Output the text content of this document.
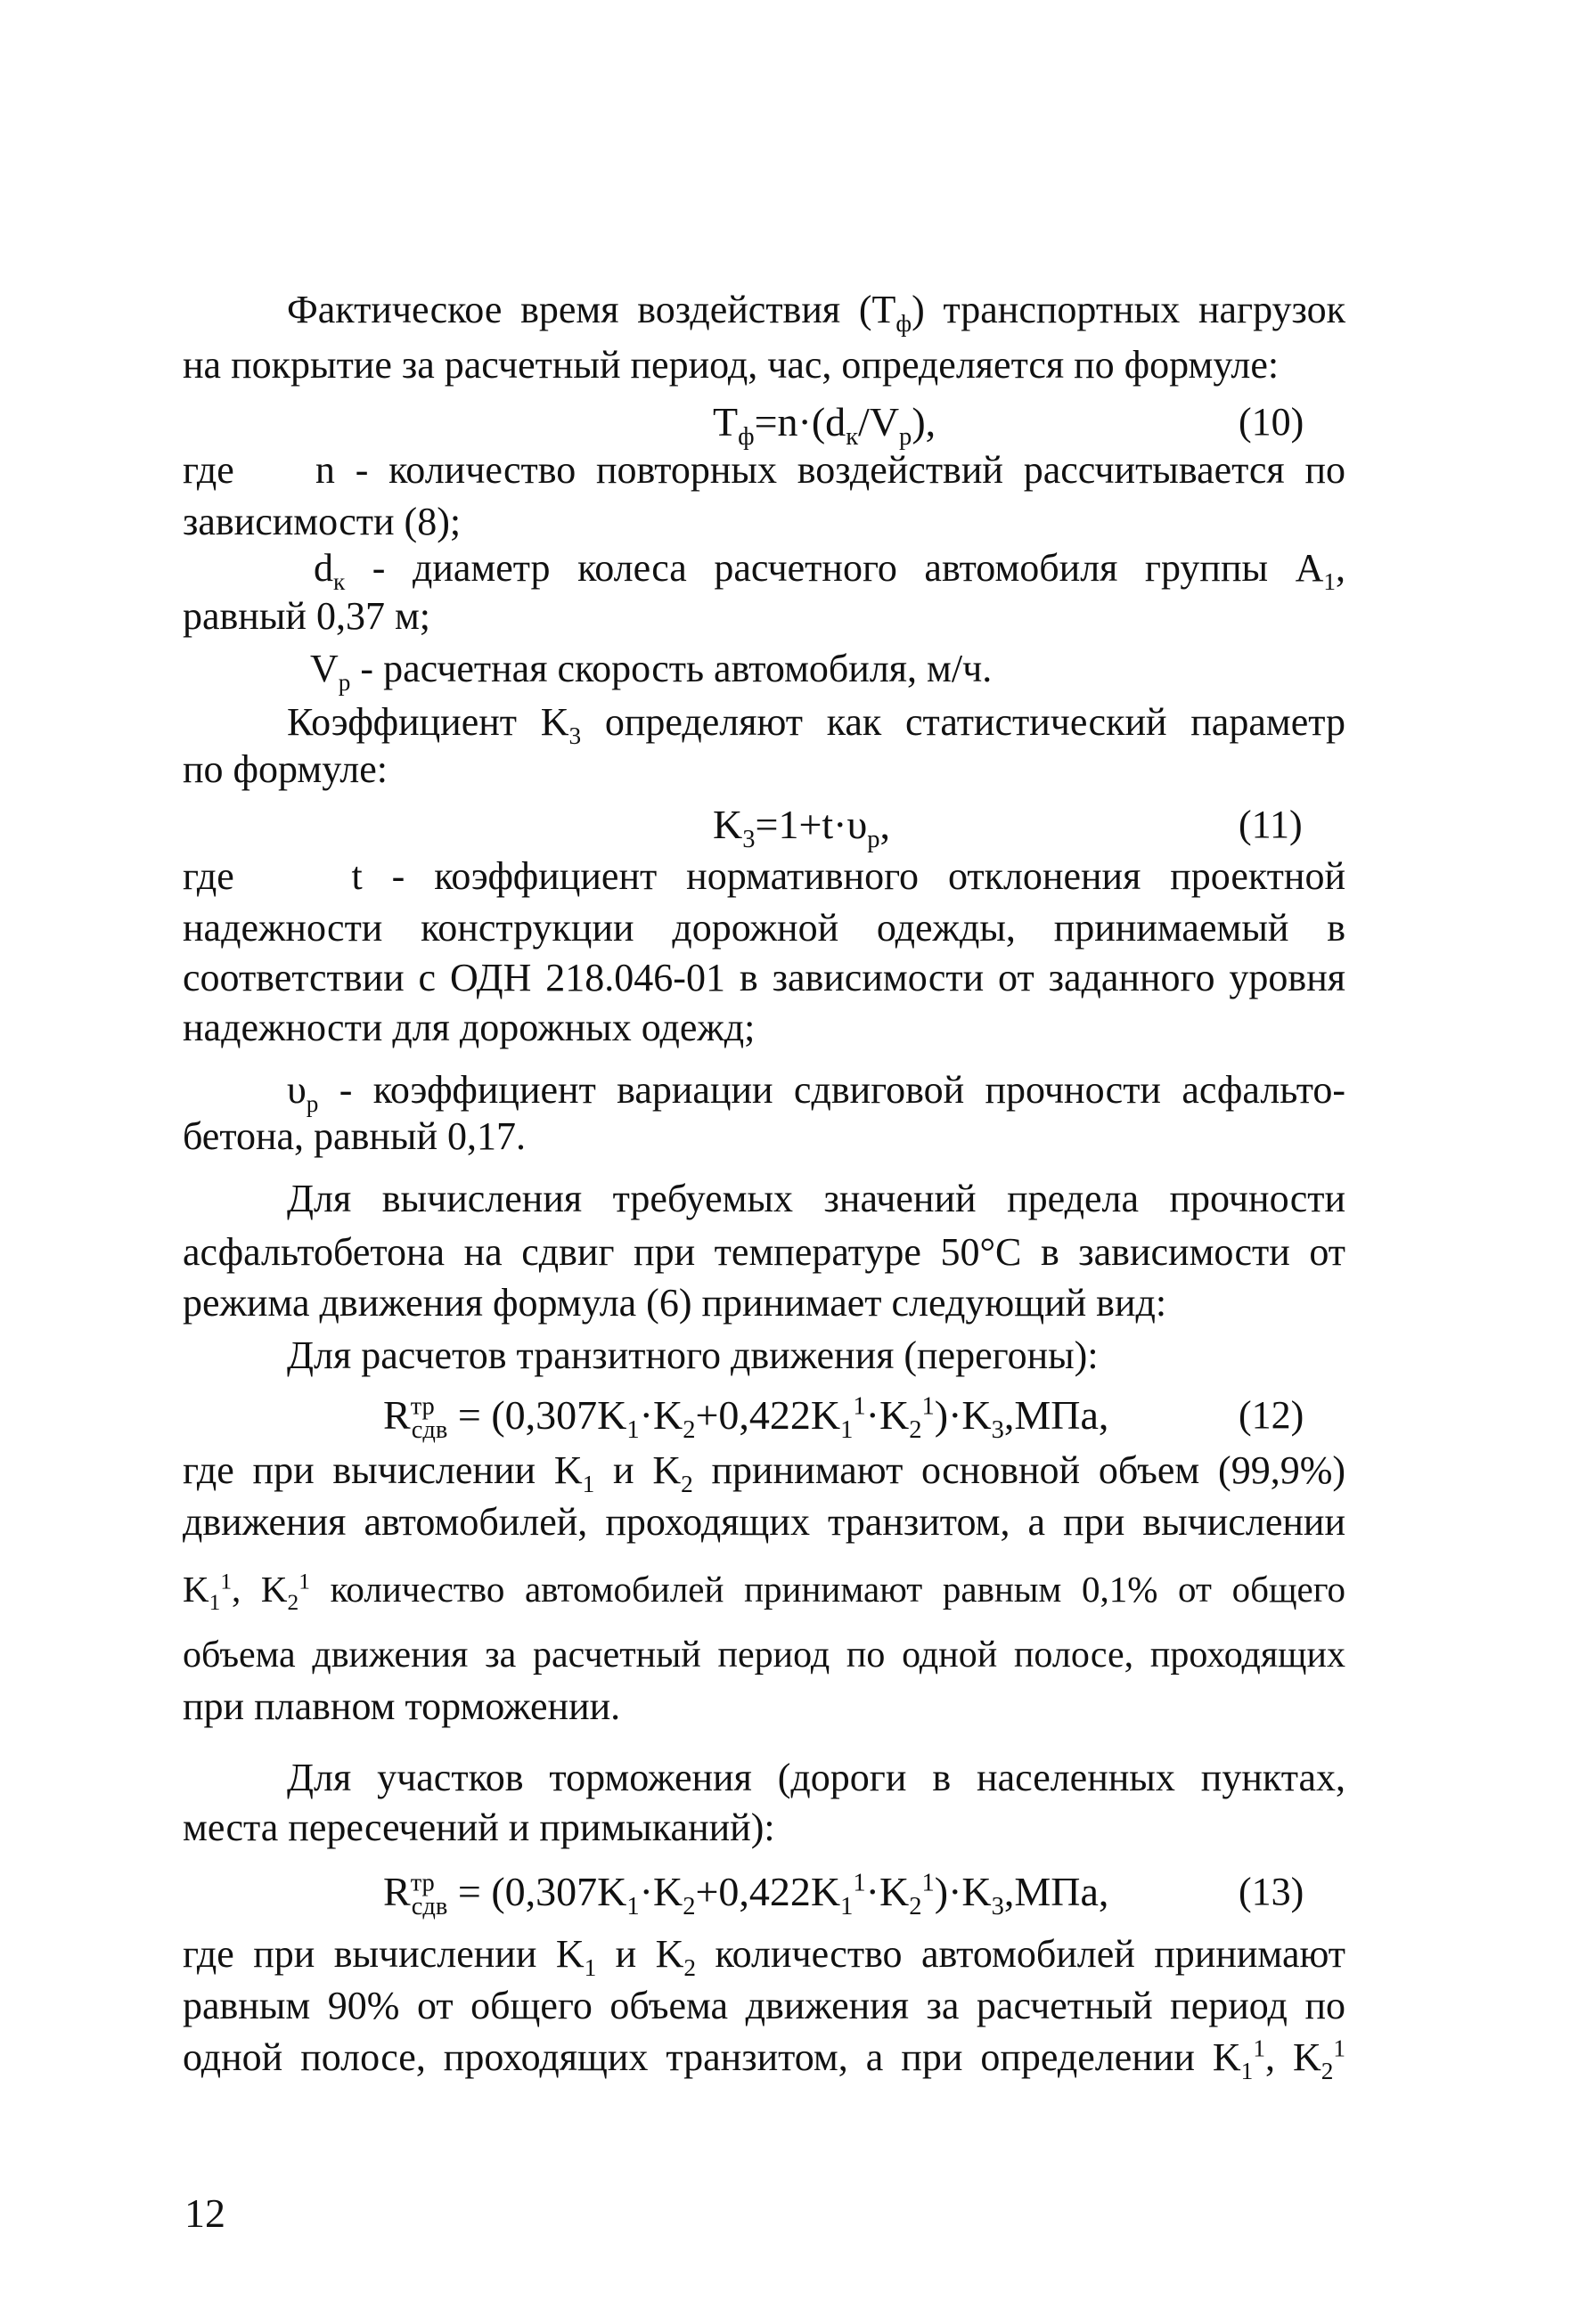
Фактическое время воздействия $(T_ф)$ транспортных нагрузок

на покрытие за расчетный период, час, определяется по формуле:

$T_ф=n\cdot(d_к/V_р)$,	(10)

где    n - количество повторных воздействий рассчитывается по

зависимости (8);

$d_к$ - диаметр колеса расчетного автомобиля группы $A_1$,

равный 0,37 м;

$V_р$ - расчетная скорость автомобиля, м/ч.

Коэффициент $K_3$ определяют как статистический параметр

по формуле:

$K_3=1+t\cdot\upsilon_р$,	(11)

где    t - коэффициент нормативного отклонения проектной

надежности конструкции дорожной одежды, принимаемый в

соответствии с ОДН 218.046-01 в зависимости от заданного уровня

надежности для дорожных одежд;

$\upsilon_р$ - коэффициент вариации сдвиговой прочности асфальто-

бетона, равный 0,17.

Для вычисления требуемых значений предела прочности

асфальтобетона на сдвиг при температуре 50°С в зависимости от

режима движения формула (6) принимает следующий вид:

Для расчетов транзитного движения (перегоны):

$R^{тр}_{сдв} = (0,307K_1\cdot K_2+0,422K_1^1\cdot K_2^1)\cdot K_3,МПа$,	(12)

где при вычислении $K_1$ и $K_2$ принимают основной объем (99,9%)

движения автомобилей, проходящих транзитом, а при вычислении

$K_1^1$, $K_2^1$ количество автомобилей принимают равным 0,1% от общего

объема движения за расчетный период по одной полосе, проходящих

при плавном торможении.

Для участков торможения (дороги в населенных пунктах,

места пересечений и примыканий):

$R^{тр}_{сдв} = (0,307K_1\cdot K_2+0,422K_1^1\cdot K_2^1)\cdot K_3,МПа$,	(13)

где при вычислении $K_1$ и $K_2$ количество автомобилей принимают

равным 90% от общего объема движения за расчетный период по

одной полосе, проходящих транзитом, а при определении $K_1^1$, $K_2^1$

12
